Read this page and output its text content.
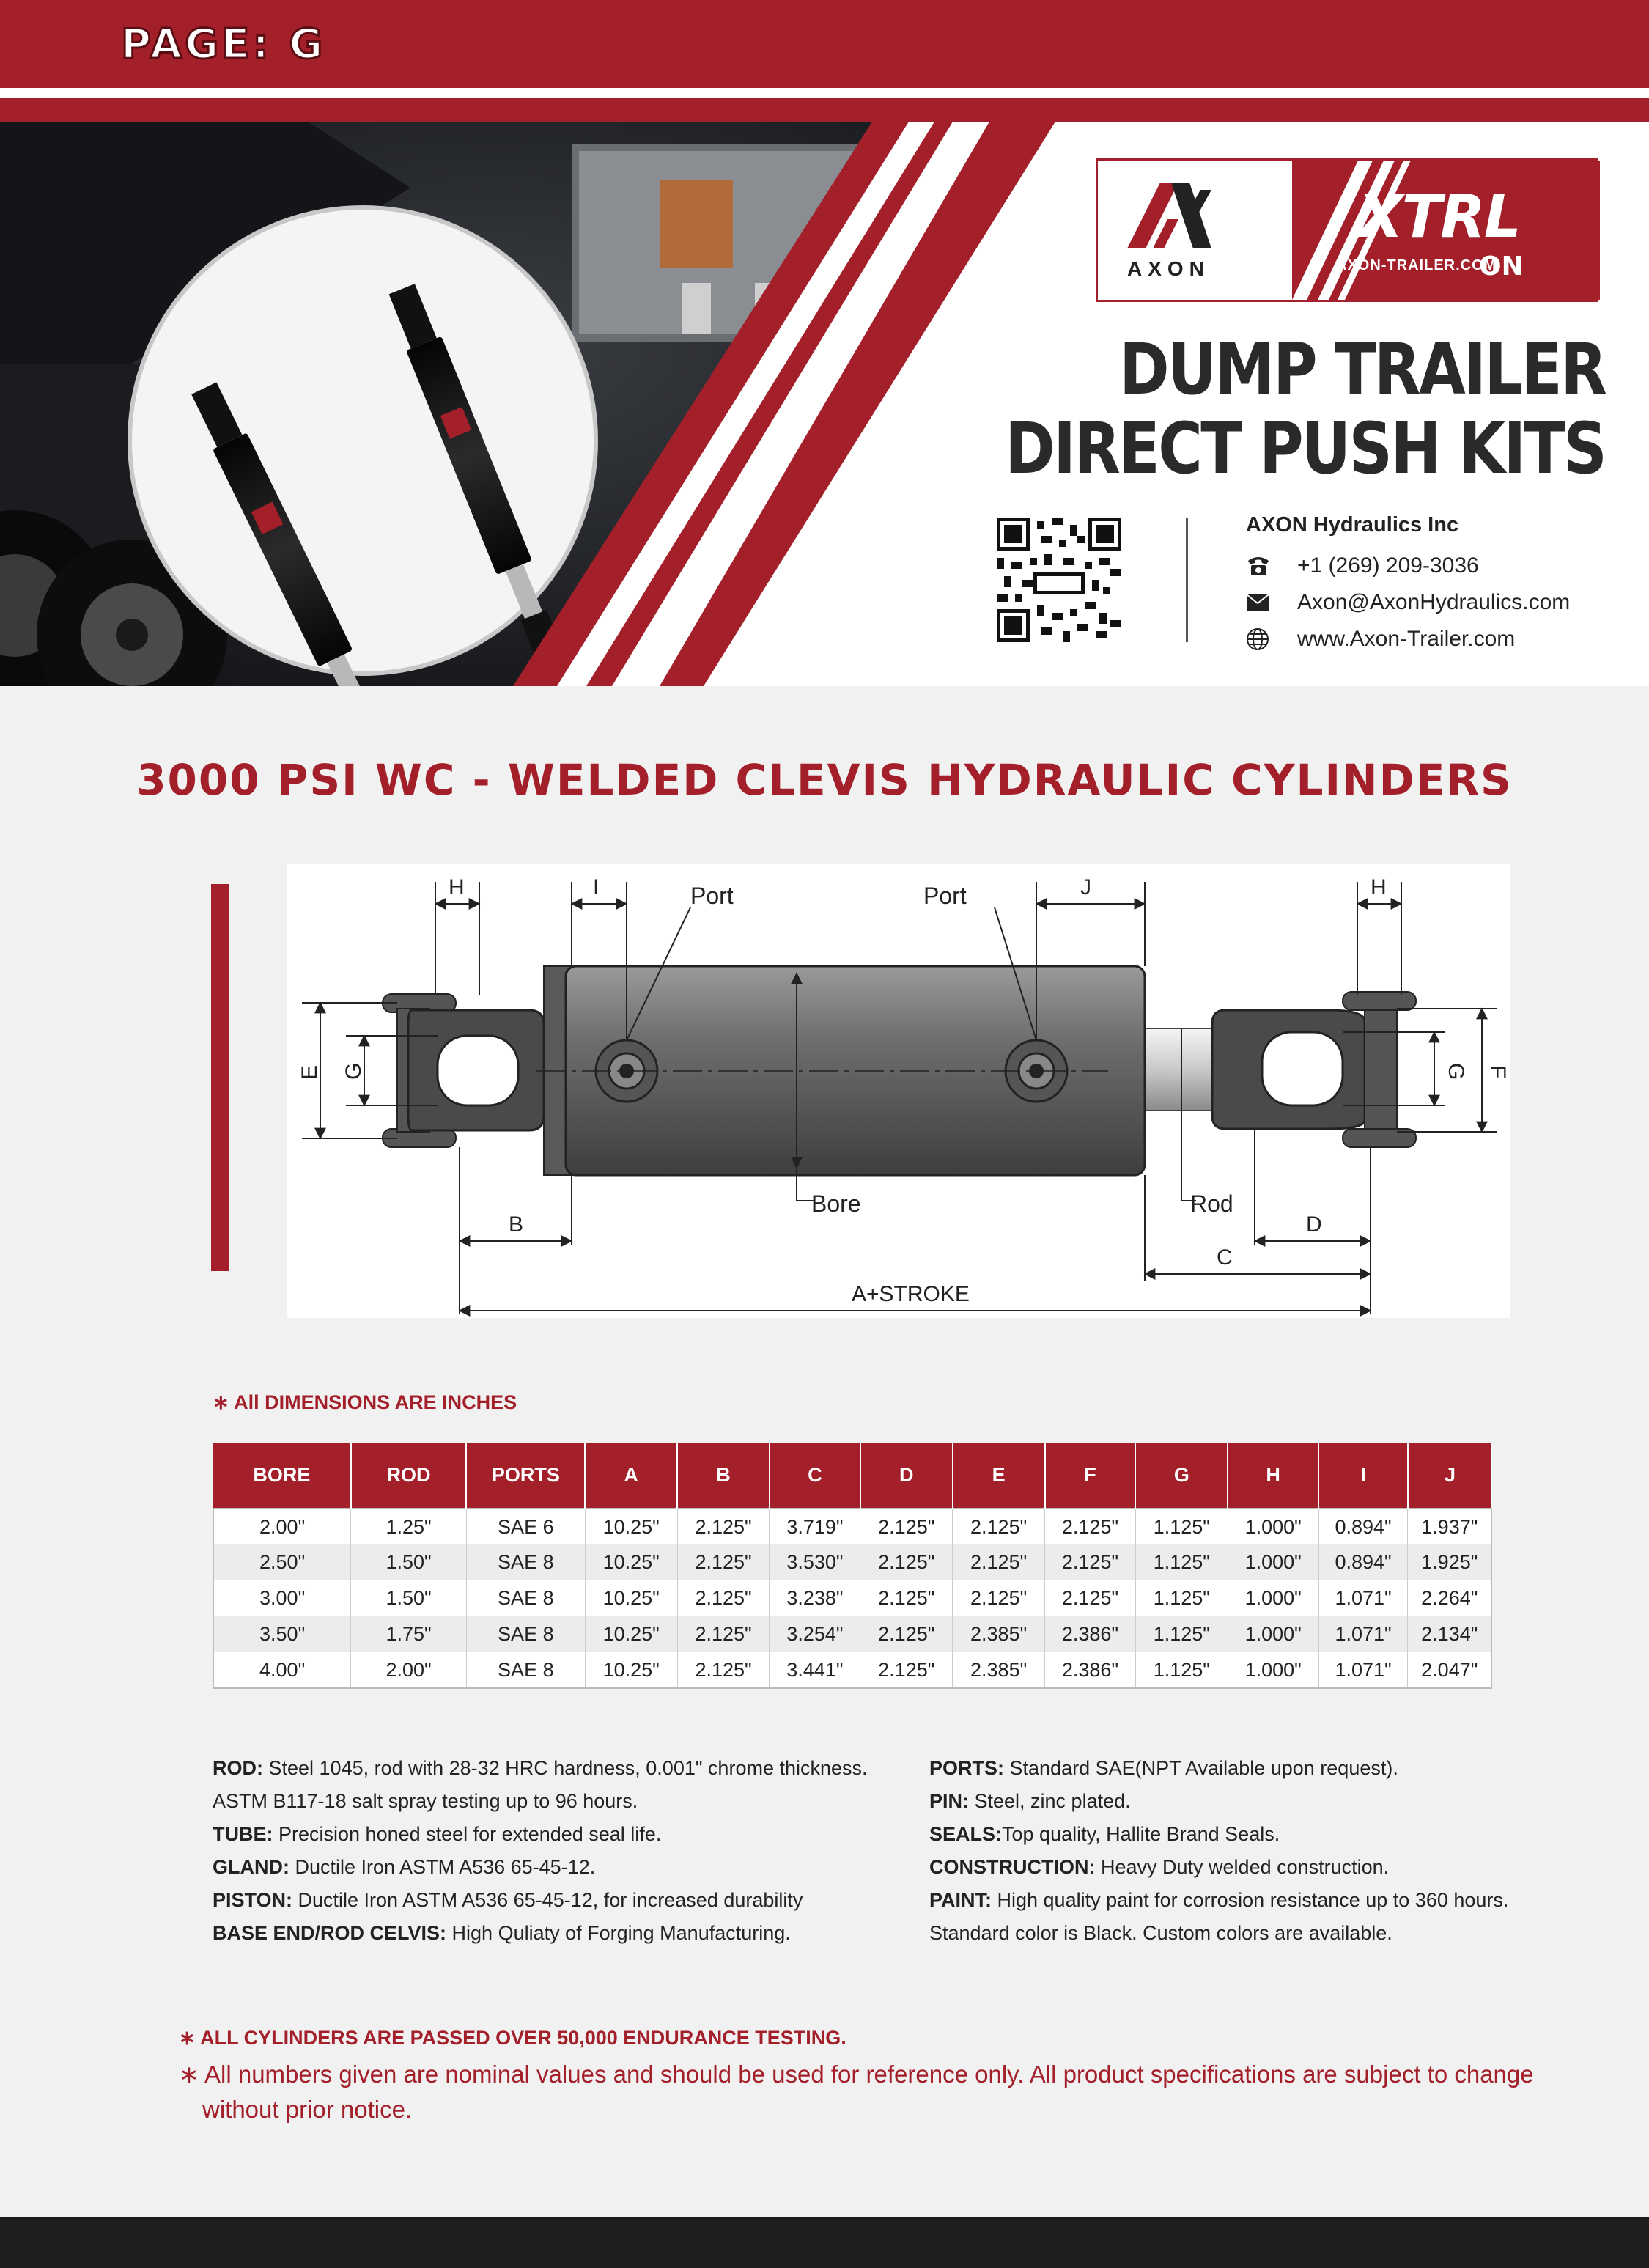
PAGE: G
AXON
XTRL
AXON-TRAILER.COM
ON
DUMP TRAILER
DIRECT PUSH KITS
AXON Hydraulics Inc
+1 (269) 209-3036
Axon@AxonHydraulics.com
www.Axon-Trailer.com
3000 PSI WC - WELDED CLEVIS HYDRAULIC CYLINDERS
Bore	Rod
Port	Port
H	I	J	H
E G	G F
B	D
C
A+STROKE
∗ All DIMENSIONS ARE INCHES
BORE	ROD	PORTS	A	B	C	D	E	F	G	H	I	J
2.00"	1.25"	SAE 6	10.25"	2.125"	3.719"	2.125"	2.125"	2.125"	1.125"	1.000"	0.894"	1.937"
2.50"	1.50"	SAE 8	10.25"	2.125"	3.530"	2.125"	2.125"	2.125"	1.125"	1.000"	0.894"	1.925"
3.00"	1.50"	SAE 8	10.25"	2.125"	3.238"	2.125"	2.125"	2.125"	1.125"	1.000"	1.071"	2.264"
3.50"	1.75"	SAE 8	10.25"	2.125"	3.254"	2.125"	2.385"	2.386"	1.125"	1.000"	1.071"	2.134"
4.00"	2.00"	SAE 8	10.25"	2.125"	3.441"	2.125"	2.385"	2.386"	1.125"	1.000"	1.071"	2.047"
ROD: Steel 1045, rod with 28-32 HRC hardness, 0.001" chrome thickness. ASTM B117-18 salt spray testing up to 96 hours.
TUBE: Precision honed steel for extended seal life.
GLAND: Ductile Iron ASTM A536 65-45-12.
PISTON: Ductile Iron ASTM A536 65-45-12, for increased durability
BASE END/ROD CELVIS: High Quliaty of Forging Manufacturing.
PORTS: Standard SAE(NPT Available upon request).
PIN: Steel, zinc plated.
SEALS:Top quality, Hallite Brand Seals.
CONSTRUCTION: Heavy Duty welded construction.
PAINT: High quality paint for corrosion resistance up to 360 hours. Standard color is Black. Custom colors are available.
∗ ALL CYLINDERS ARE PASSED OVER 50,000 ENDURANCE TESTING.
∗ All numbers given are nominal values and should be used for reference only. All product specifications are subject to change without prior notice.
